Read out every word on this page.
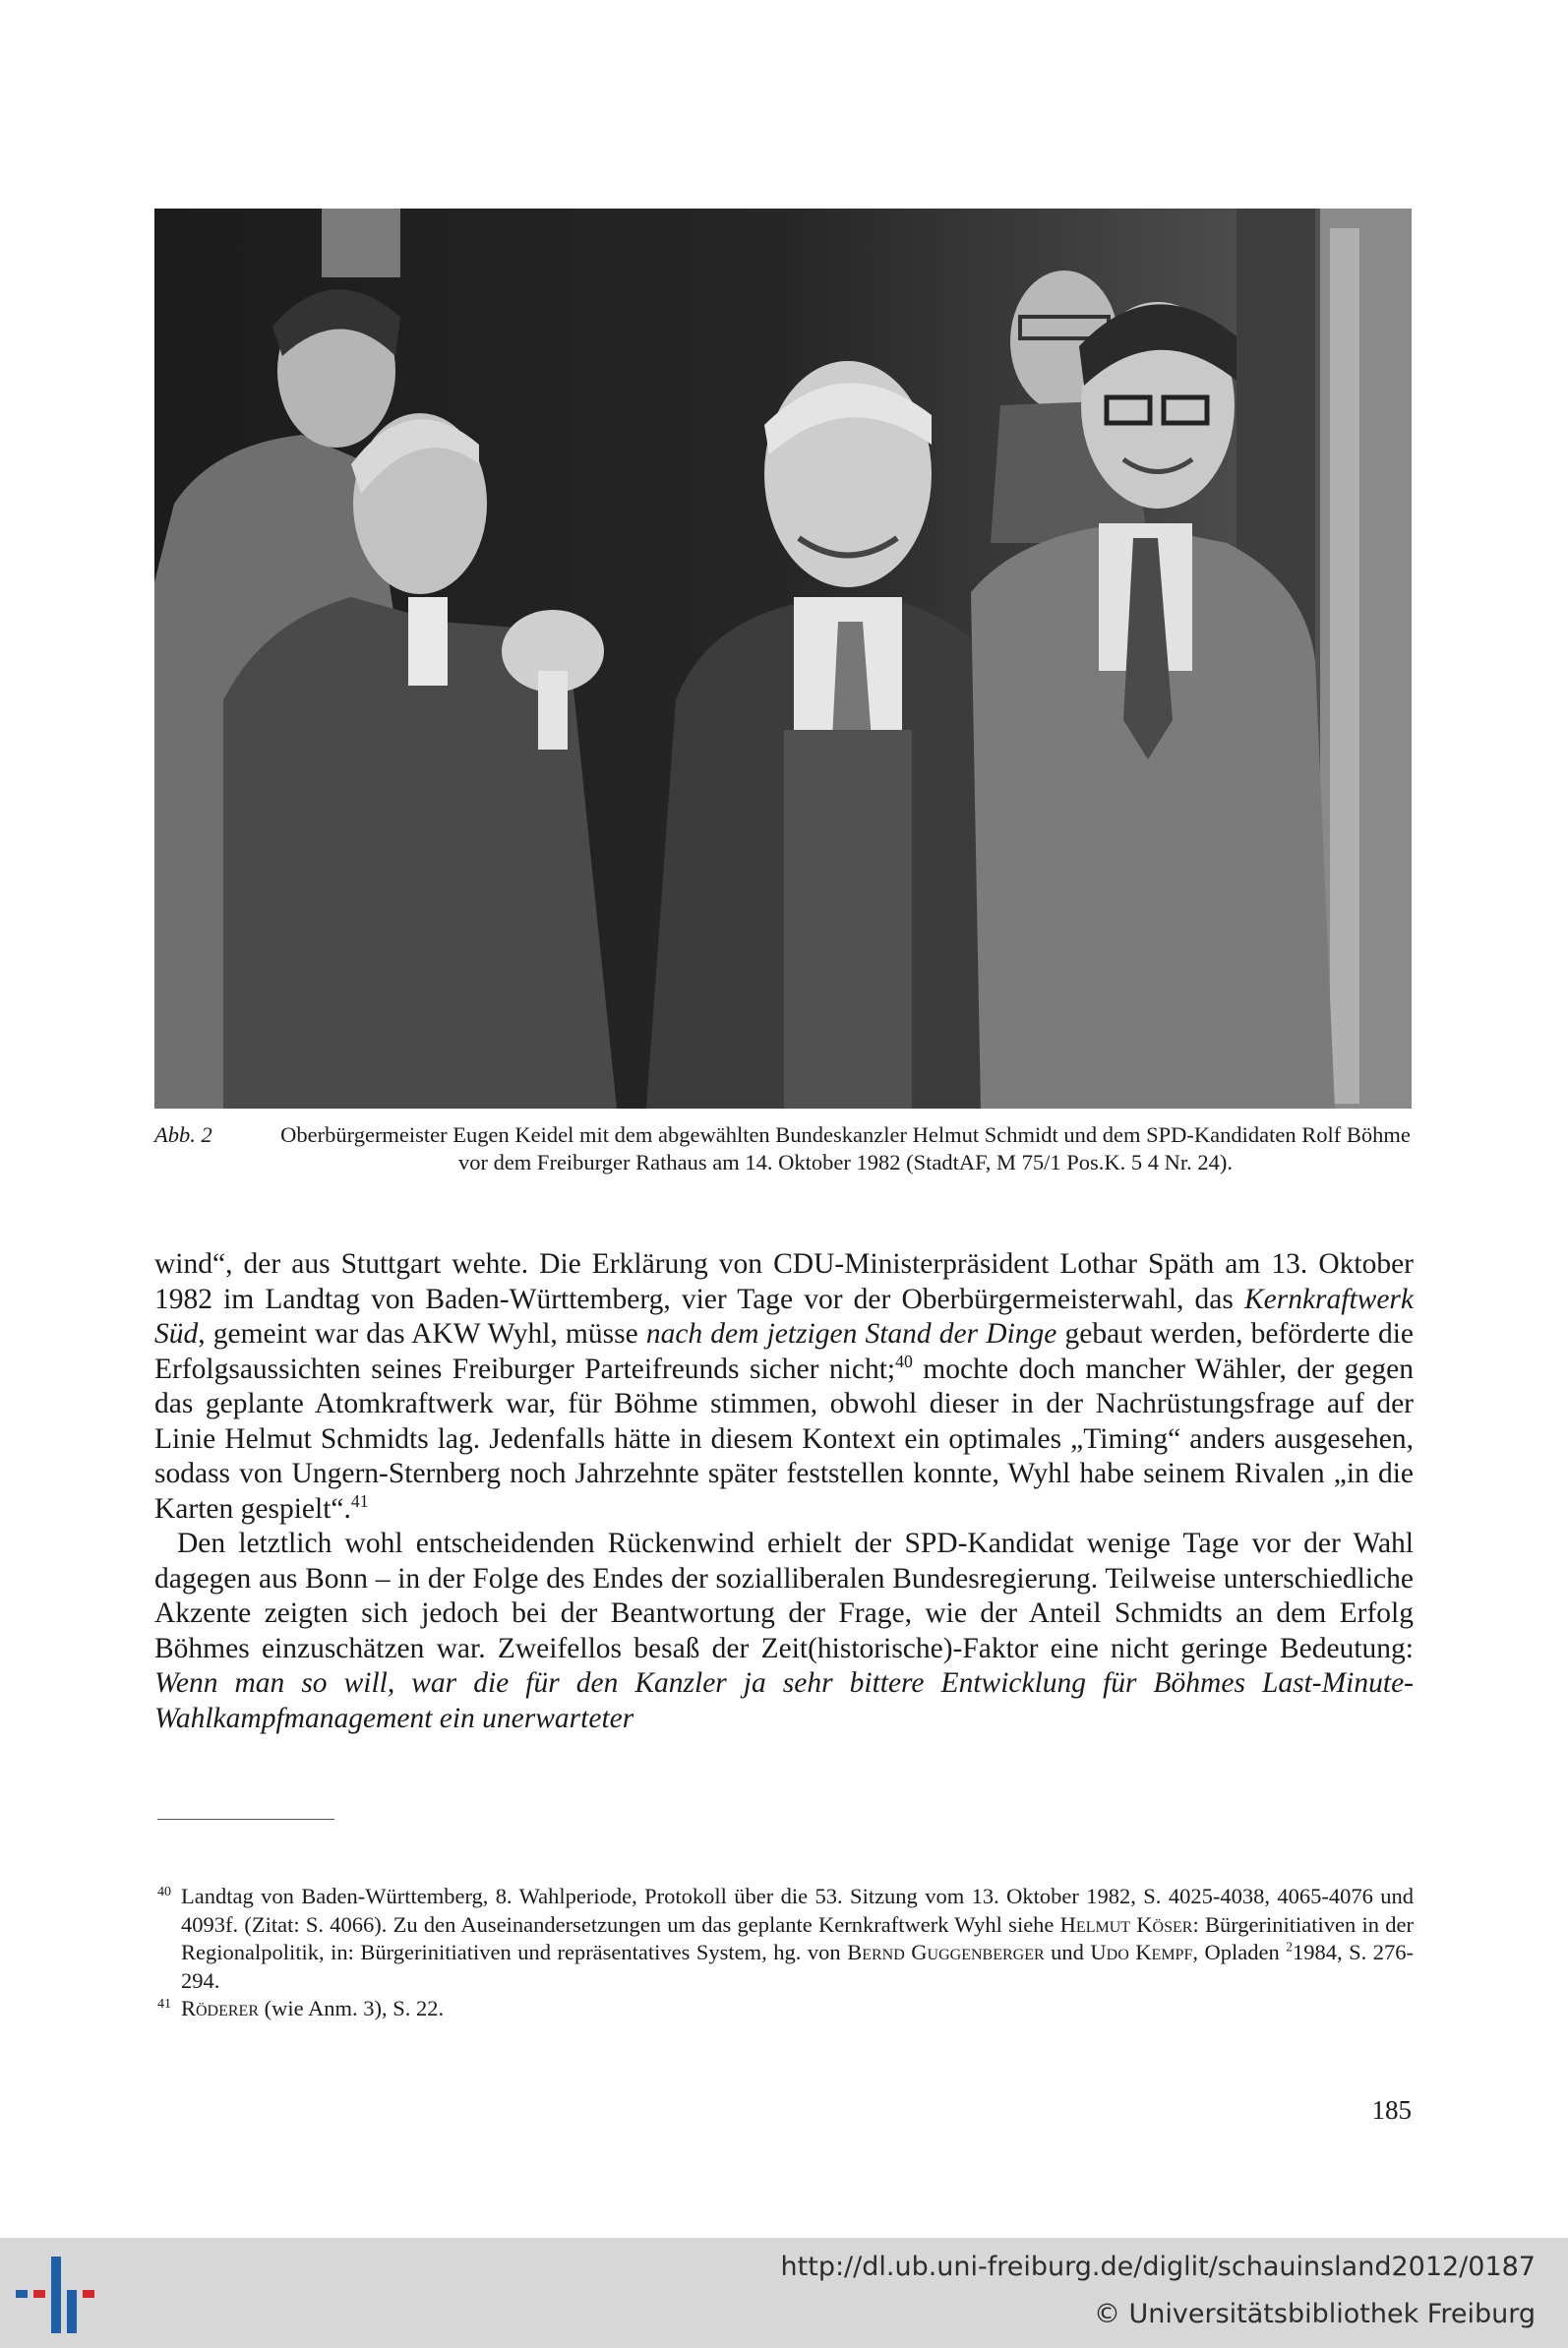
Abb. 2	Oberbürgermeister Eugen Keidel mit dem abgewählten Bundeskanzler Helmut Schmidt und dem SPD-Kandidaten Rolf Böhme vor dem Freiburger Rathaus am 14. Oktober 1982 (StadtAF, M 75/1 Pos.K. 5 4 Nr. 24).

wind“, der aus Stuttgart wehte. Die Erklärung von CDU-Ministerpräsident Lothar Späth am 13. Oktober 1982 im Landtag von Baden-Württemberg, vier Tage vor der Oberbürgermeisterwahl, das Kernkraftwerk Süd, gemeint war das AKW Wyhl, müsse nach dem jetzigen Stand der Dinge gebaut werden, beförderte die Erfolgsaussichten seines Freiburger Parteifreunds sicher nicht;$^{40}$ mochte doch mancher Wähler, der gegen das geplante Atomkraftwerk war, für Böhme stimmen, obwohl dieser in der Nachrüstungsfrage auf der Linie Helmut Schmidts lag. Jedenfalls hätte in diesem Kontext ein optimales „Timing“ anders ausgesehen, sodass von Ungern-Sternberg noch Jahrzehnte später feststellen konnte, Wyhl habe seinem Rivalen „in die Karten gespielt“.$^{41}$

Den letztlich wohl entscheidenden Rückenwind erhielt der SPD-Kandidat wenige Tage vor der Wahl dagegen aus Bonn – in der Folge des Endes der sozialliberalen Bundesregierung. Teilweise unterschiedliche Akzente zeigten sich jedoch bei der Beantwortung der Frage, wie der Anteil Schmidts an dem Erfolg Böhmes einzuschätzen war. Zweifellos besaß der Zeit(historische)-Faktor eine nicht geringe Bedeutung: Wenn man so will, war die für den Kanzler ja sehr bittere Entwicklung für Böhmes Last-Minute-Wahlkampfmanagement ein unerwarteter

40 Landtag von Baden-Württemberg, 8. Wahlperiode, Protokoll über die 53. Sitzung vom 13. Oktober 1982, S. 4025-4038, 4065-4076 und 4093f. (Zitat: S. 4066). Zu den Auseinandersetzungen um das geplante Kernkraftwerk Wyhl siehe Helmut Köser: Bürgerinitiativen in der Regionalpolitik, in: Bürgerinitiativen und repräsentatives System, hg. von Bernd Guggenberger und Udo Kempf, Opladen $^2$1984, S. 276-294.
41 Röderer (wie Anm. 3), S. 22.
185
http://dl.ub.uni-freiburg.de/diglit/schauinsland2012/0187
© Universitätsbibliothek Freiburg
